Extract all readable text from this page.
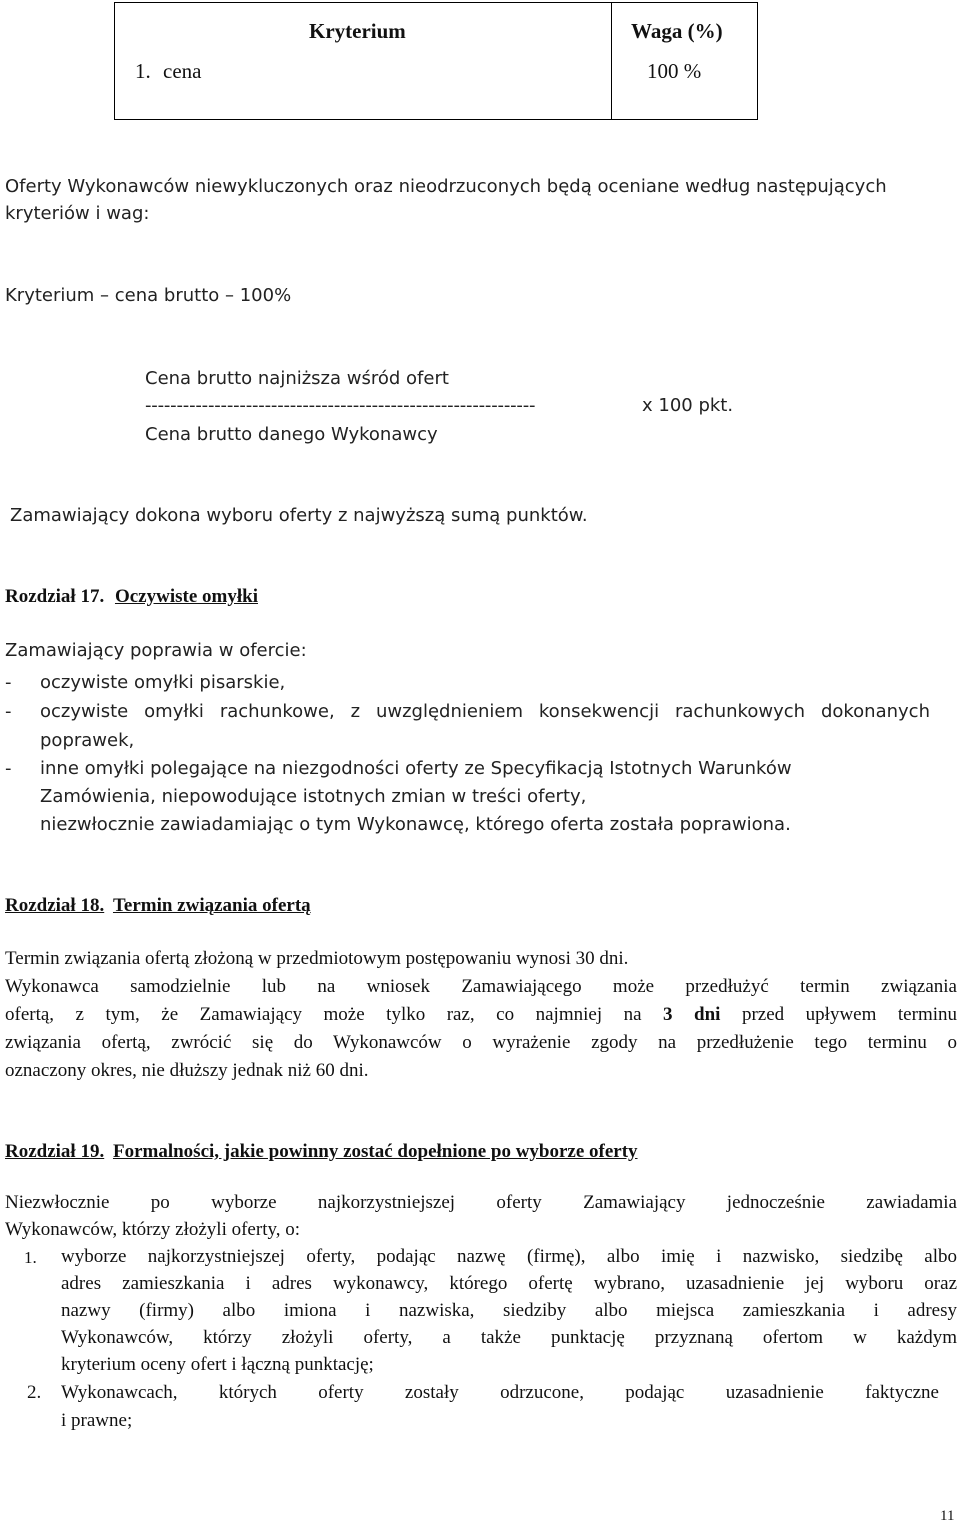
Kryterium	Waga (%)
1. cena	100 %
Oferty Wykonawców niewykluczonych oraz nieodrzuconych będą oceniane według następujących
kryteriów i wag:
Kryterium – cena brutto – 100%
Cena brutto najniższa wśród ofert
--------------------------------------------------------------	x 100 pkt.
Cena brutto danego Wykonawcy
Zamawiający dokona wyboru oferty z najwyższą sumą punktów.
Rozdział 17. Oczywiste omyłki
Zamawiający poprawia w ofercie:
- oczywiste omyłki pisarskie,
- oczywiste omyłki rachunkowe, z uwzględnieniem konsekwencji rachunkowych dokonanych
poprawek,
- inne omyłki polegające na niezgodności oferty ze Specyfikacją Istotnych Warunków
Zamówienia, niepowodujące istotnych zmian w treści oferty,
niezwłocznie zawiadamiając o tym Wykonawcę, którego oferta została poprawiona.
Rozdział 18. Termin związania ofertą
Termin związania ofertą złożoną w przedmiotowym postępowaniu wynosi 30 dni.
Wykonawca samodzielnie lub na wniosek Zamawiającego może przedłużyć termin związania
ofertą, z tym, że Zamawiający może tylko raz, co najmniej na 3 dni przed upływem terminu
związania ofertą, zwrócić się do Wykonawców o wyrażenie zgody na przedłużenie tego terminu o
oznaczony okres, nie dłuższy jednak niż 60 dni.
Rozdział 19. Formalności, jakie powinny zostać dopełnione po wyborze oferty
Niezwłocznie po wyborze najkorzystniejszej oferty Zamawiający jednocześnie zawiadamia
Wykonawców, którzy złożyli oferty, o:
1. wyborze najkorzystniejszej oferty, podając nazwę (firmę), albo imię i nazwisko, siedzibę albo
adres zamieszkania i adres wykonawcy, którego ofertę wybrano, uzasadnienie jej wyboru oraz
nazwy (firmy) albo imiona i nazwiska, siedziby albo miejsca zamieszkania i adresy
Wykonawców, którzy złożyli oferty, a także punktację przyznaną ofertom w każdym
kryterium oceny ofert i łączną punktację;
2. Wykonawcach, których oferty zostały odrzucone, podając uzasadnienie faktyczne
i prawne;
11
